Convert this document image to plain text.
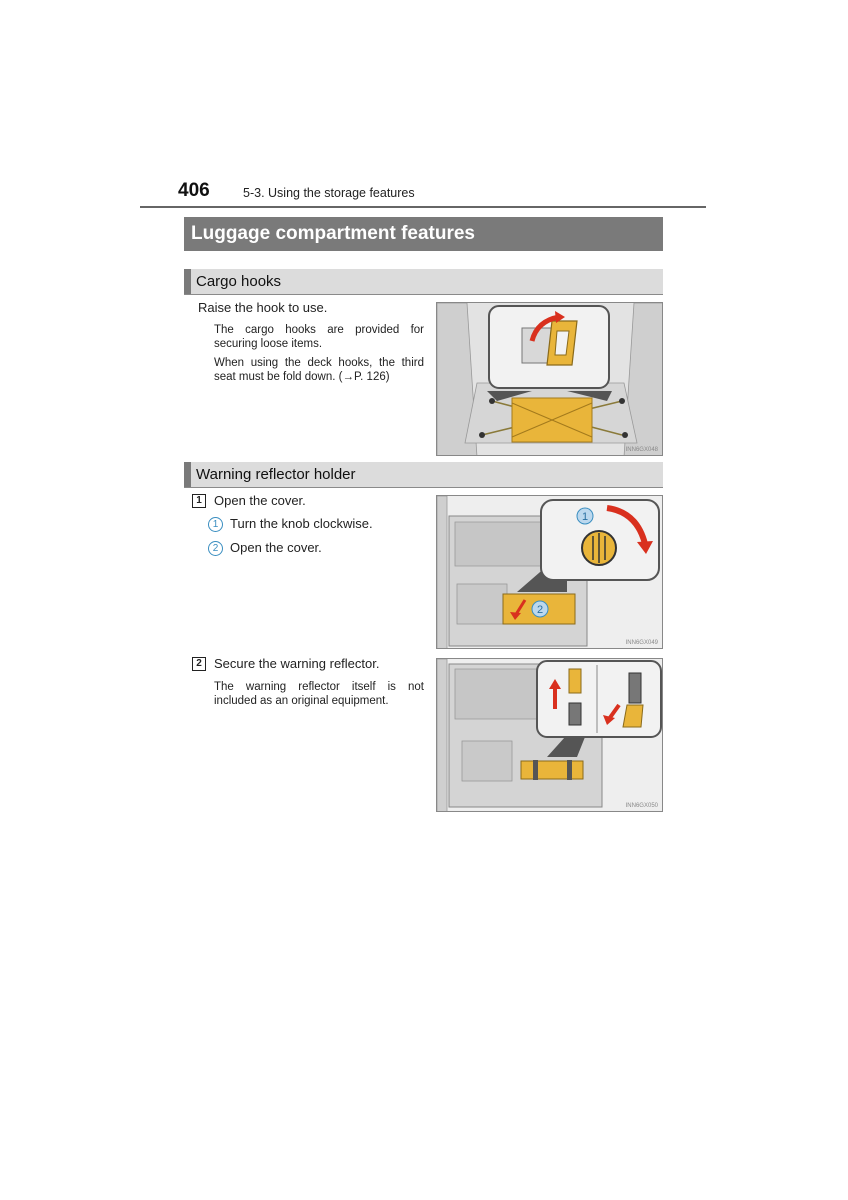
406	5-3. Using the storage features
Luggage compartment features
Cargo hooks
Raise the hook to use.
The cargo hooks are provided for
securing loose items.
When using the deck hooks, the third
seat must be fold down. (→P. 126)
INN6GX048
Warning reflector holder
1 Open the cover.
1 Turn the knob clockwise.
2 Open the cover.
2
1
INN6GX049
2 Secure the warning reflector.
The warning reflector itself is not
included as an original equipment.
INN6GX050
